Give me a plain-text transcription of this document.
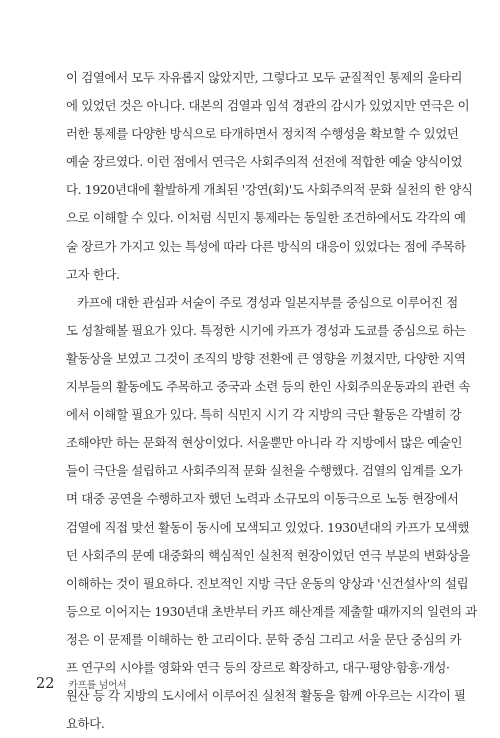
이 검열에서 모두 자유롭지 않았지만, 그렇다고 모두 균질적인 통제의 울타리
에 있었던 것은 아니다. 대본의 검열과 임석 경관의 감시가 있었지만 연극은 이
러한 통제를 다양한 방식으로 타개하면서 정치적 수행성을 확보할 수 있었던
예술 장르였다. 이런 점에서 연극은 사회주의적 선전에 적합한 예술 양식이었
다. 1920년대에 활발하게 개최된 '강연(회)'도 사회주의적 문화 실천의 한 양식
으로 이해할 수 있다. 이처럼 식민지 통제라는 동일한 조건하에서도 각각의 예
술 장르가 가지고 있는 특성에 따라 다른 방식의 대응이 있었다는 점에 주목하
고자 한다.
카프에 대한 관심과 서술이 주로 경성과 일본지부를 중심으로 이루어진 점
도 성찰해볼 필요가 있다. 특정한 시기에 카프가 경성과 도쿄를 중심으로 하는
활동상을 보였고 그것이 조직의 방향 전환에 큰 영향을 끼쳤지만, 다양한 지역
지부들의 활동에도 주목하고 중국과 소련 등의 한인 사회주의운동과의 관련 속
에서 이해할 필요가 있다. 특히 식민지 시기 각 지방의 극단 활동은 각별히 강
조해야만 하는 문화적 현상이었다. 서울뿐만 아니라 각 지방에서 많은 예술인
들이 극단을 설립하고 사회주의적 문화 실천을 수행했다. 검열의 임계를 오가
며 대중 공연을 수행하고자 했던 노력과 소규모의 이동극으로 노동 현장에서
검열에 직접 맞선 활동이 동시에 모색되고 있었다. 1930년대의 카프가 모색했
던 사회주의 문예 대중화의 핵심적인 실천적 현장이었던 연극 부분의 변화상을
이해하는 것이 필요하다. 진보적인 지방 극단 운동의 양상과 '신건설사'의 설립
등으로 이어지는 1930년대 초반부터 카프 해산계를 제출할 때까지의 일련의 과
정은 이 문제를 이해하는 한 고리이다. 문학 중심 그리고 서울 문단 중심의 카
프 연구의 시야를 영화와 연극 등의 장르로 확장하고, 대구·평양·함흥·개성·
원산 등 각 지방의 도시에서 이루어진 실천적 활동을 함께 아우르는 시각이 필
요하다.
22 카프를 넘어서
